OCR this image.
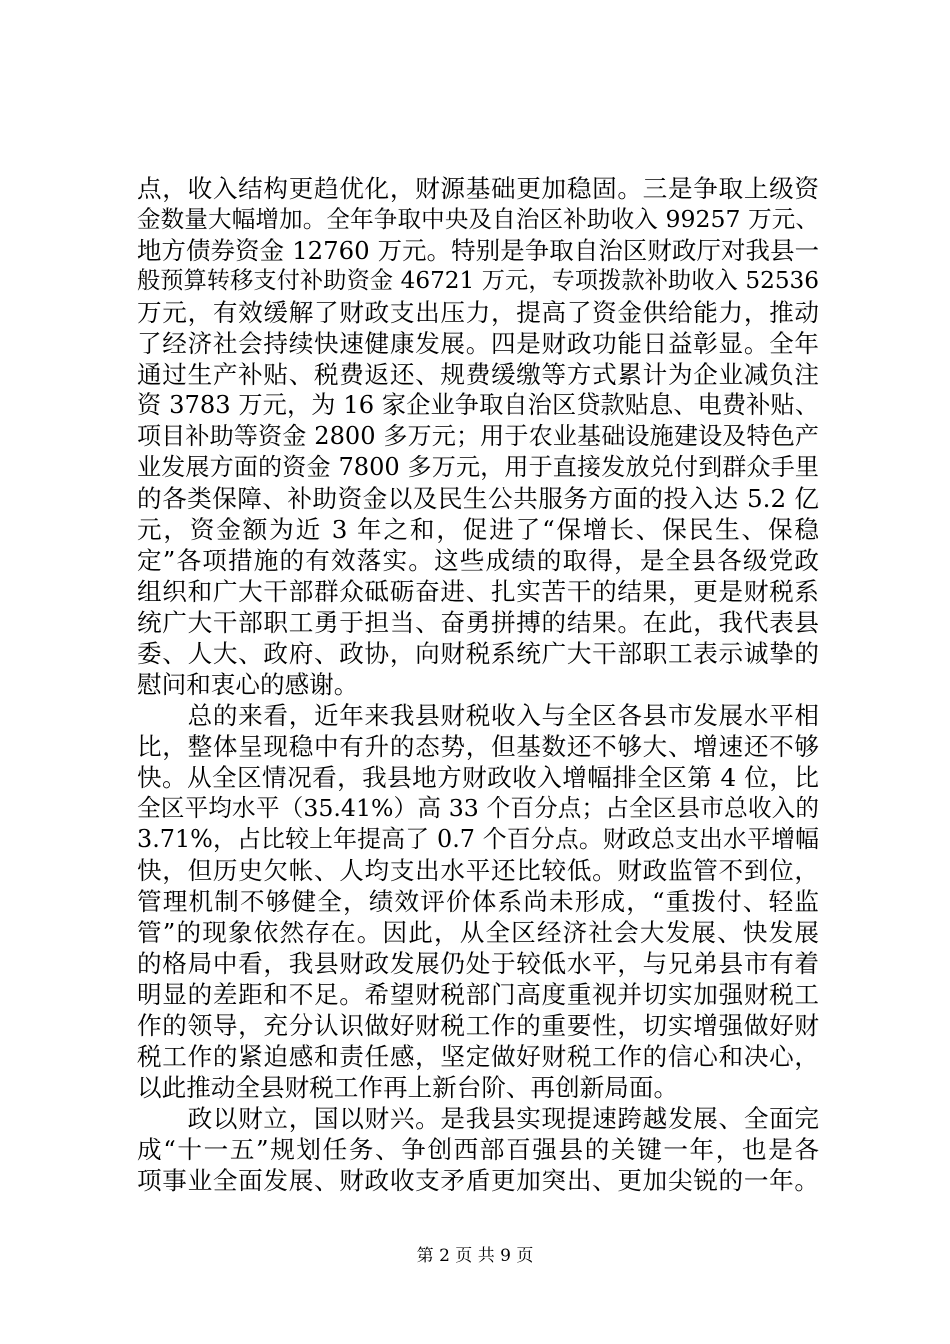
点，收入结构更趋优化，财源基础更加稳固。三是争取上级资
金数量大幅增加。全年争取中央及自治区补助收入 99257 万元、
地方债券资金 12760 万元。特别是争取自治区财政厅对我县一
般预算转移支付补助资金 46721 万元，专项拨款补助收入 52536
万元，有效缓解了财政支出压力，提高了资金供给能力，推动
了经济社会持续快速健康发展。四是财政功能日益彰显。全年
通过生产补贴、税费返还、规费缓缴等方式累计为企业减负注
资 3783 万元，为 16 家企业争取自治区贷款贴息、电费补贴、
项目补助等资金 2800 多万元；用于农业基础设施建设及特色产
业发展方面的资金 7800 多万元，用于直接发放兑付到群众手里
的各类保障、补助资金以及民生公共服务方面的投入达 5.2 亿
元，资金额为近 3 年之和，促进了“保增长、保民生、保稳
定”各项措施的有效落实。这些成绩的取得，是全县各级党政
组织和广大干部群众砥砺奋进、扎实苦干的结果，更是财税系
统广大干部职工勇于担当、奋勇拼搏的结果。在此，我代表县
委、人大、政府、政协，向财税系统广大干部职工表示诚挚的
慰问和衷心的感谢。
　　总的来看，近年来我县财税收入与全区各县市发展水平相
比，整体呈现稳中有升的态势，但基数还不够大、增速还不够
快。从全区情况看，我县地方财政收入增幅排全区第 4 位，比
全区平均水平（35.41%）高 33 个百分点；占全区县市总收入的
3.71%，占比较上年提高了 0.7 个百分点。财政总支出水平增幅
快，但历史欠帐、人均支出水平还比较低。财政监管不到位，
管理机制不够健全，绩效评价体系尚未形成，“重拨付、轻监
管”的现象依然存在。因此，从全区经济社会大发展、快发展
的格局中看，我县财政发展仍处于较低水平，与兄弟县市有着
明显的差距和不足。希望财税部门高度重视并切实加强财税工
作的领导，充分认识做好财税工作的重要性，切实增强做好财
税工作的紧迫感和责任感，坚定做好财税工作的信心和决心，
以此推动全县财税工作再上新台阶、再创新局面。
　　政以财立，国以财兴。是我县实现提速跨越发展、全面完
成“十一五”规划任务、争创西部百强县的关键一年，也是各
项事业全面发展、财政收支矛盾更加突出、更加尖锐的一年。
第 2 页 共 9 页
